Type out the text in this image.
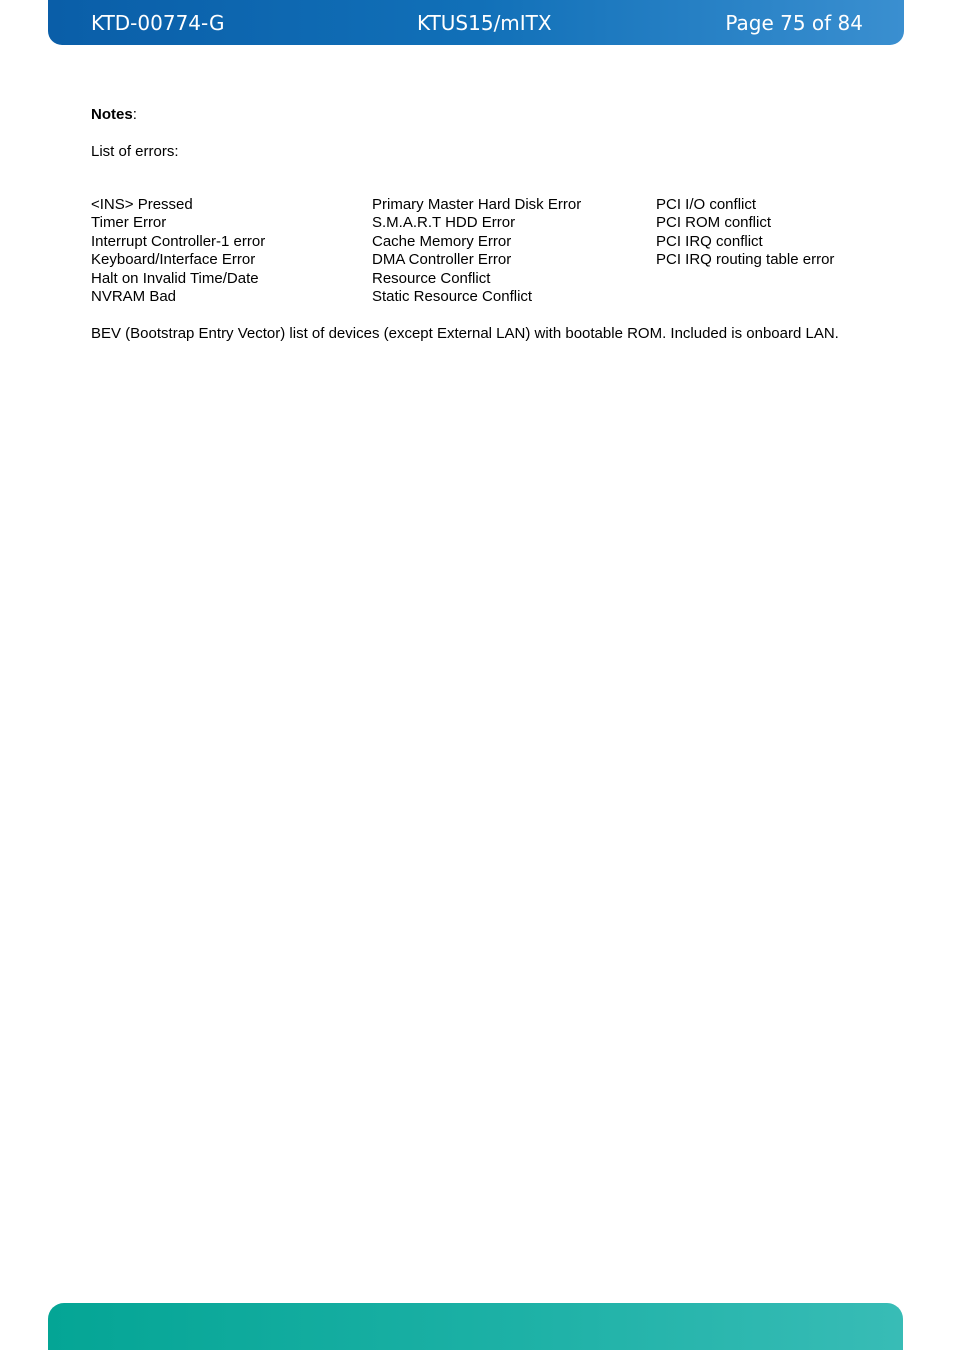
KTD-00774-G	KTUS15/mITX	Page 75 of 84
Notes:
List of errors:
<INS> Pressed
Timer Error
Interrupt Controller-1 error
Keyboard/Interface Error
Halt on Invalid Time/Date
NVRAM Bad
Primary Master Hard Disk Error
S.M.A.R.T HDD Error
Cache Memory Error
DMA Controller Error
Resource Conflict
Static Resource Conflict
PCI I/O conflict
PCI ROM conflict
PCI IRQ conflict
PCI IRQ routing table error
BEV (Bootstrap Entry Vector) list of devices (except External LAN) with bootable ROM. Included is onboard LAN.
